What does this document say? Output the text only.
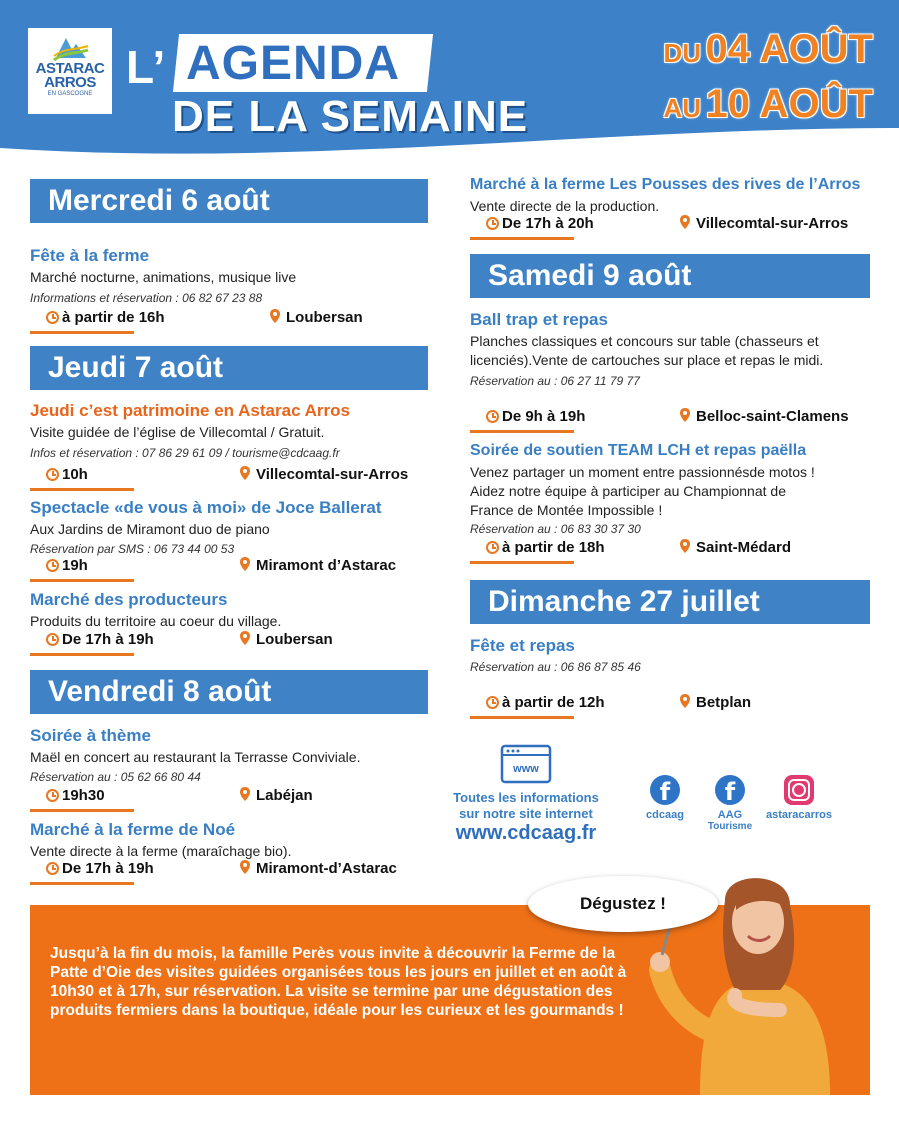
ASTARAC
ARROS
EN GASCOGNE
L’ AGENDA
DE LA SEMAINE
DU 04 AOÛT
AU 10 AOÛT
Mercredi 6 août
Fête à la ferme
Marché nocturne, animations, musique live
Informations et réservation : 06 82 67 23 88
à partir de 16h	Loubersan
Jeudi 7 août
Jeudi c’est patrimoine en Astarac Arros
Visite guidée de l’église de Villecomtal / Gratuit.
Infos et réservation : 07 86 29 61 09 / tourisme@cdcaag.fr
10h	Villecomtal-sur-Arros
Spectacle «de vous à moi» de Joce Ballerat
Aux Jardins de Miramont duo de piano
Réservation par SMS : 06 73 44 00 53
19h	Miramont d’Astarac
Marché des producteurs
Produits du territoire au coeur du village.
De 17h à 19h	Loubersan
Vendredi 8 août
Soirée à thème
Maël en concert au restaurant la Terrasse Conviviale.
Réservation au : 05 62 66 80 44
19h30	Labéjan
Marché à la ferme de Noé
Vente directe à la ferme (maraîchage bio).
De 17h à 19h	Miramont-d’Astarac
Marché à la ferme Les Pousses des rives de l’Arros
Vente directe de la production.
De 17h à 20h	Villecomtal-sur-Arros
Samedi 9 août
Ball trap et repas
Planches classiques et concours sur table (chasseurs et
licenciés).Vente de cartouches sur place et repas le midi.
Réservation au : 06 27 11 79 77
De 9h à 19h	Belloc-saint-Clamens
Soirée de soutien TEAM LCH et repas paëlla
Venez partager un moment entre passionnésde motos !
Aidez notre équipe à participer au Championnat de
France de Montée Impossible !
Réservation au : 06 83 30 37 30
à partir de 18h	Saint-Médard
Dimanche 27 juillet
Fête et repas
Réservation au : 06 86 87 85 46
à partir de 12h	Betplan
www
Toutes les informations
sur notre site internet
www.cdcaag.fr
f
cdcaag
f
AAG
Tourisme
astaracarros
Jusqu’à la fin du mois, la famille Perès vous invite à découvrir la Ferme de la Patte d’Oie des visites guidées organisées tous les jours en juillet et en août à 10h30 et à 17h, sur réservation. La visite se termine par une dégustation des produits fermiers dans la boutique, idéale pour les curieux et les gourmands !
Dégustez !
